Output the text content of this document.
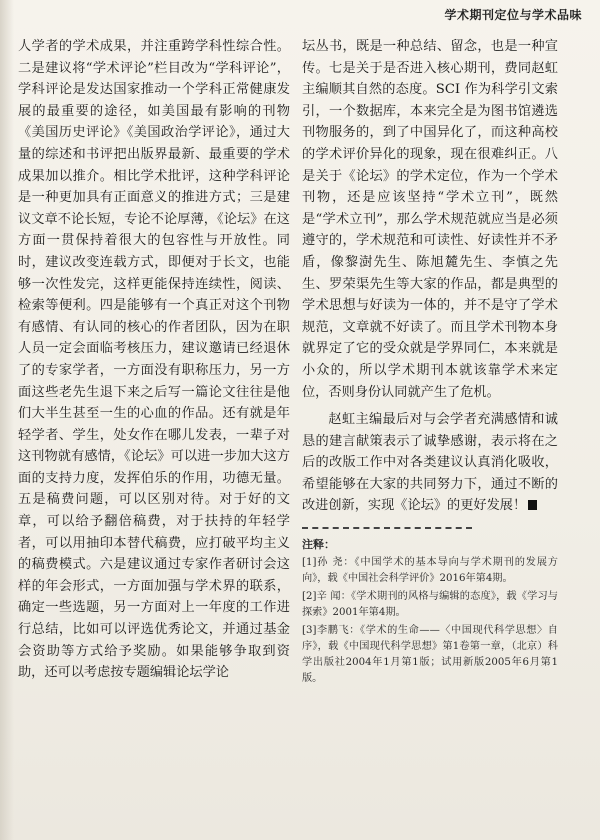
学术期刊定位与学术品味

人学者的学术成果，并注重跨学科性综合性。二是建议将“学术评论”栏目改为“学科评论”，学科评论是发达国家推动一个学科正常健康发展的最重要的途径，如美国最有影响的刊物《美国历史评论》《美国政治学评论》，通过大量的综述和书评把出版界最新、最重要的学术成果加以推介。相比学术批评，这种学科评论是一种更加具有正面意义的推进方式；三是建议文章不论长短，专论不论厚薄，《论坛》在这方面一贯保持着很大的包容性与开放性。同时，建议改变连载方式，即便对于长文，也能够一次性发完，这样更能保持连续性，阅读、检索等便利。四是能够有一个真正对这个刊物有感情、有认同的核心的作者团队，因为在职人员一定会面临考核压力，建议邀请已经退休了的专家学者，一方面没有职称压力，另一方面这些老先生退下来之后写一篇论文往往是他们大半生甚至一生的心血的作品。还有就是年轻学者、学生，处女作在哪儿发表，一辈子对这刊物就有感情，《论坛》可以进一步加大这方面的支持力度，发挥伯乐的作用，功德无量。五是稿费问题，可以区别对待。对于好的文章，可以给予翻倍稿费，对于扶持的年轻学者，可以用抽印本替代稿费，应打破平均主义的稿费模式。六是建议通过专家作者研讨会这样的年会形式，一方面加强与学术界的联系，确定一些选题，另一方面对上一年度的工作进行总结，比如可以评选优秀论文，并通过基金会资助等方式给予奖励。如果能够争取到资助，还可以考虑按专题编辑论坛学论

坛丛书，既是一种总结、留念，也是一种宣传。七是关于是否进入核心期刊，费同赵虹主编顺其自然的态度。SCI 作为科学引文索引，一个数据库，本来完全是为图书馆遴选刊物服务的，到了中国异化了，而这种高校的学术评价异化的现象，现在很难纠正。八是关于《论坛》的学术定位，作为一个学术刊物，还是应该坚持“学术立刊”，既然是“学术立刊”，那么学术规范就应当是必须遵守的，学术规范和可读性、好读性并不矛盾，像黎澍先生、陈旭麓先生、李慎之先生、罗荣渠先生等大家的作品，都是典型的学术思想与好读为一体的，并不是守了学术规范，文章就不好读了。而且学术刊物本身就界定了它的受众就是学界同仁，本来就是小众的，所以学术期刊本就该靠学术来定位，否则身份认同就产生了危机。

赵虹主编最后对与会学者充满感情和诚恳的建言献策表示了诚挚感谢，表示将在之后的改版工作中对各类建议认真消化吸收，希望能够在大家的共同努力下，通过不断的改进创新，实现《论坛》的更好发展！

注释：

[1]孙 尧：《中国学术的基本导向与学术期刊的发展方向》，载《中国社会科学评价》2016年第4期。

[2]辛 闻：《学术期刊的风格与编辑的态度》，载《学习与探索》2001年第4期。

[3]李鹏飞：《学术的生命——〈中国现代科学思想〉自序》，载《中国现代科学思想》第1卷第一章，（北京）科学出版社2004年1月第1版；试用新版2005年6月第1版。
